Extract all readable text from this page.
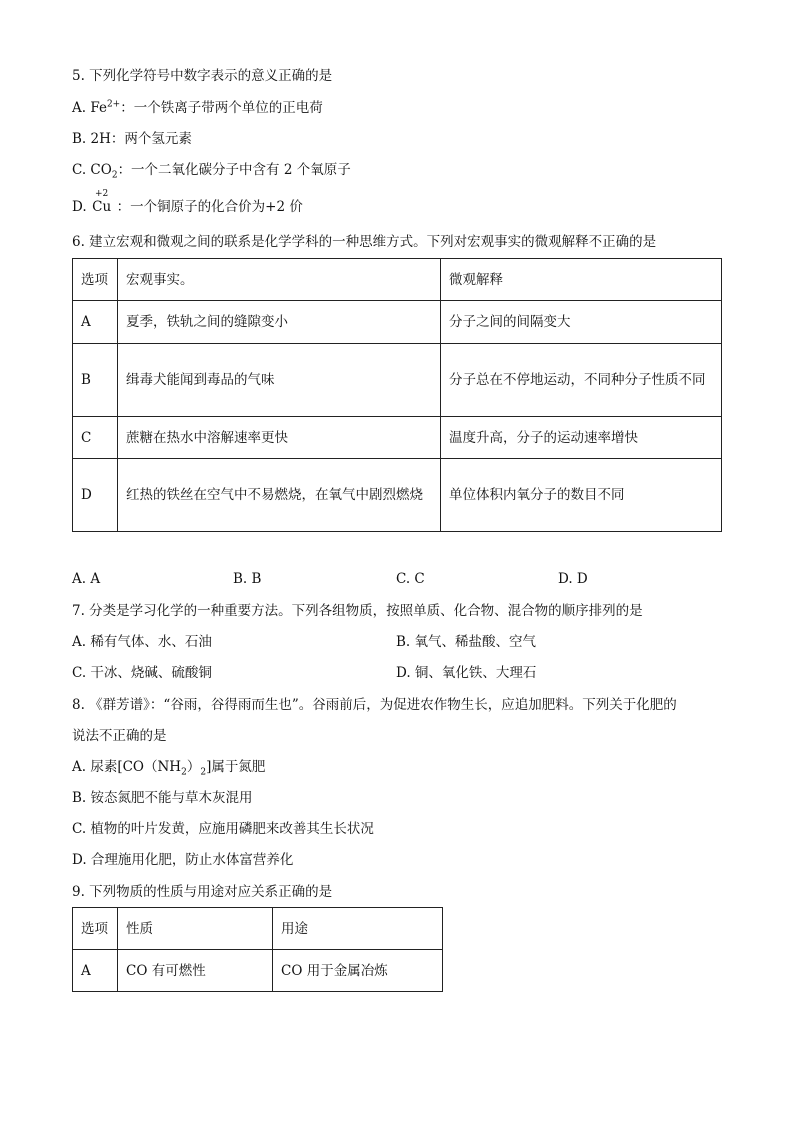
5. 下列化学符号中数字表示的意义正确的是
A. $Fe^{2+}$：一个铁离子带两个单位的正电荷
B. 2H：两个氢元素
C. $CO_2$：一个二氧化碳分子中含有 2 个氧原子
D.
+2
Cu ：一个铜原子的化合价为+2 价
6. 建立宏观和微观之间的联系是化学学科的一种思维方式。下列对宏观事实的微观解释不正确的是
选项	宏观事实。	微观解释
A	夏季，铁轨之间的缝隙变小	分子之间的间隔变大
B	缉毒犬能闻到毒品的气味	分子总在不停地运动，不同种分子性质不同
C	蔗糖在热水中溶解速率更快	温度升高，分子的运动速率增快
D	红热的铁丝在空气中不易燃烧，在氧气中剧烈燃烧	单位体积内氧分子的数目不同
A. A	B. B	C. C	D. D
7. 分类是学习化学的一种重要方法。下列各组物质，按照单质、化合物、混合物的顺序排列的是
A. 稀有气体、水、石油	B. 氧气、稀盐酸、空气
C. 干冰、烧碱、硫酸铜	D. 铜、氧化铁、大理石
8. 《群芳谱》：“谷雨，谷得雨而生也”。谷雨前后，为促进农作物生长，应追加肥料。下列关于化肥的
说法不正确的是
A. 尿素$[CO(NH_2)_2]$属于氮肥
B. 铵态氮肥不能与草木灰混用
C. 植物的叶片发黄，应施用磷肥来改善其生长状况
D. 合理施用化肥，防止水体富营养化
9. 下列物质的性质与用途对应关系正确的是
选项	性质	用途
A	CO 有可燃性	CO 用于金属冶炼
